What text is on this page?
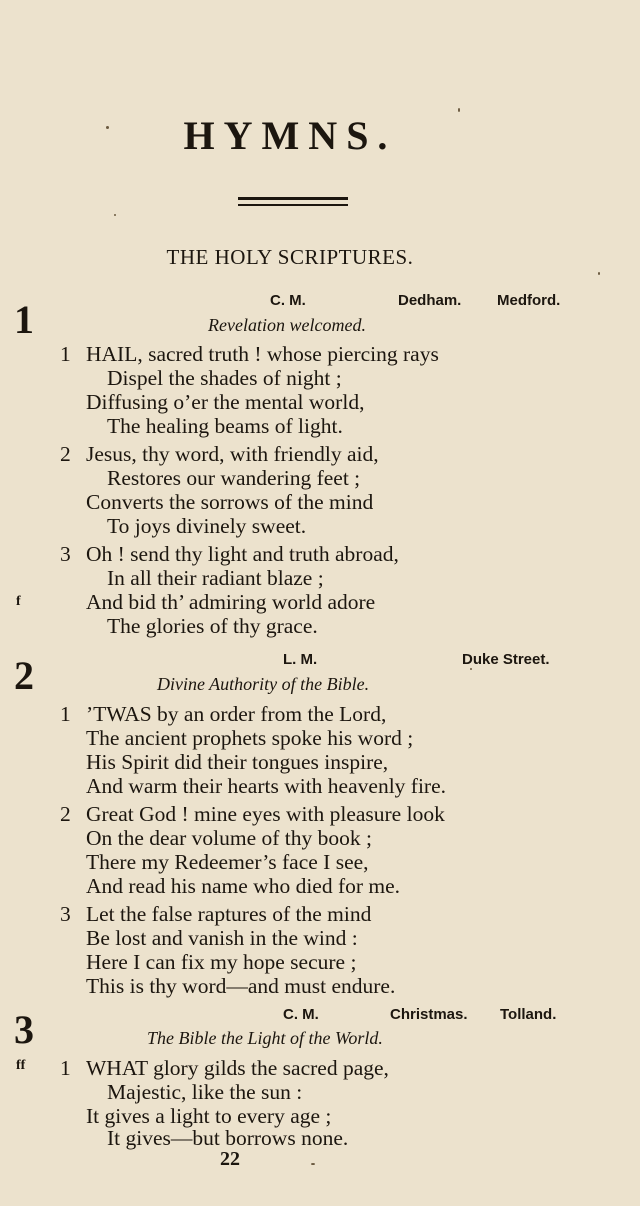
HYMNS.
THE HOLY SCRIPTURES.
1	C. M.	Dedham. Medford.
Revelation welcomed.
1 HAIL, sacred truth ! whose piercing rays
Dispel the shades of night ;
Diffusing o’er the mental world,
The healing beams of light.
2 Jesus, thy word, with friendly aid,
Restores our wandering feet ;
Converts the sorrows of the mind
To joys divinely sweet.
3 Oh ! send thy light and truth abroad,
In all their radiant blaze ;
f	And bid th’ admiring world adore
The glories of thy grace.
2	L. M.	Duke Street.
Divine Authority of the Bible.
1 ’TWAS by an order from the Lord,
The ancient prophets spoke his word ;
His Spirit did their tongues inspire,
And warm their hearts with heavenly fire.
2 Great God ! mine eyes with pleasure look
On the dear volume of thy book ;
There my Redeemer’s face I see,
And read his name who died for me.
3 Let the false raptures of the mind
Be lost and vanish in the wind :
Here I can fix my hope secure ;
This is thy word—and must endure.
3	C. M.	Christmas. Tolland.
The Bible the Light of the World.
ff 1 WHAT glory gilds the sacred page,
Majestic, like the sun :
It gives a light to every age ;
It gives—but borrows none.
22
